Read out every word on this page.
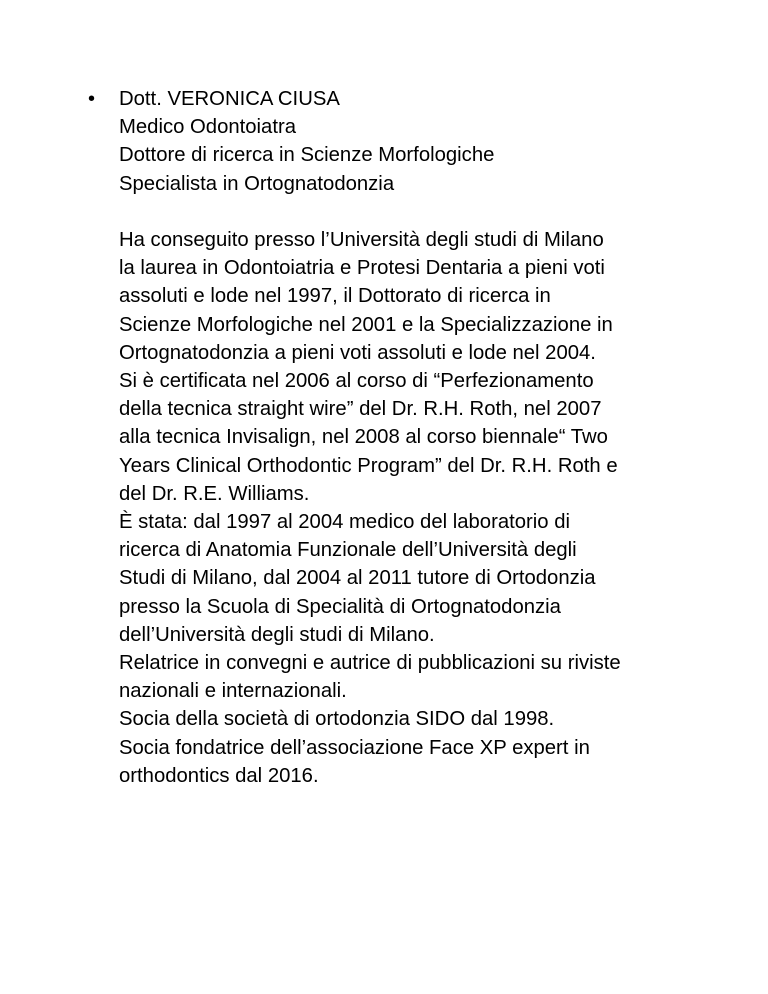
• Dott. VERONICA CIUSA
Medico Odontoiatra
Dottore di ricerca in Scienze Morfologiche
Specialista in Ortognatodonzia
Ha conseguito presso l’Università degli studi di Milano
la laurea in Odontoiatria e Protesi Dentaria a pieni voti
assoluti e lode nel 1997, il Dottorato di ricerca in
Scienze Morfologiche nel 2001 e la Specializzazione in
Ortognatodonzia a pieni voti assoluti e lode nel 2004.
Si è certificata nel 2006 al corso di “Perfezionamento
della tecnica straight wire” del Dr. R.H. Roth, nel 2007
alla tecnica Invisalign, nel 2008 al corso biennale“ Two
Years Clinical Orthodontic Program” del Dr. R.H. Roth e
del Dr. R.E. Williams.
È stata: dal 1997 al 2004 medico del laboratorio di
ricerca di Anatomia Funzionale dell’Università degli
Studi di Milano, dal 2004 al 2011 tutore di Ortodonzia
presso la Scuola di Specialità di Ortognatodonzia
dell’Università degli studi di Milano.
Relatrice in convegni e autrice di pubblicazioni su riviste
nazionali e internazionali.
Socia della società di ortodonzia SIDO dal 1998.
Socia fondatrice dell’associazione Face XP expert in
orthodontics dal 2016.
